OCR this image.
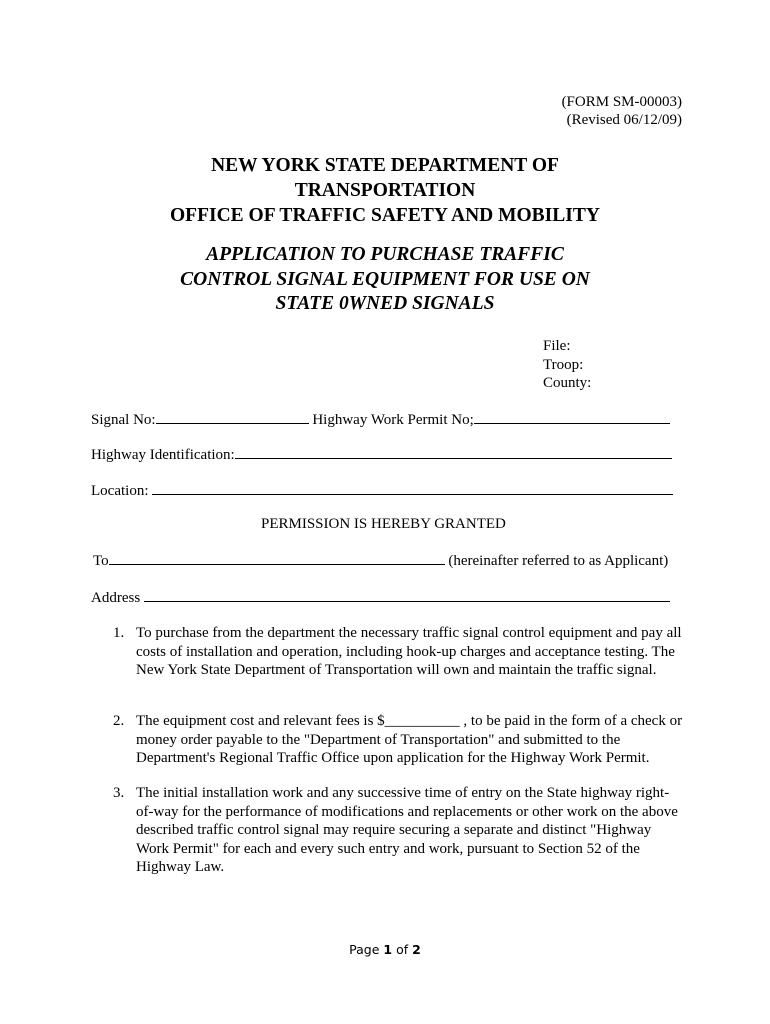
(FORM SM-00003)
(Revised 06/12/09)
NEW YORK STATE DEPARTMENT OF
TRANSPORTATION
OFFICE OF TRAFFIC SAFETY AND MOBILITY
APPLICATION TO PURCHASE TRAFFIC
CONTROL SIGNAL EQUIPMENT FOR USE ON
STATE 0WNED SIGNALS
File:
Troop:
County:
Signal No:	Highway Work Permit No;
Highway Identification:
Location:
PERMISSION IS HEREBY GRANTED
To	(hereinafter referred to as Applicant)
Address
1. To purchase from the department the necessary traffic signal control equipment and pay all costs of installation and operation, including hook-up charges and acceptance testing. The New York State Department of Transportation will own and maintain the traffic signal.
2. The equipment cost and relevant fees is $__________ , to be paid in the form of a check or money order payable to the "Department of Transportation" and submitted to the Department's Regional Traffic Office upon application for the Highway Work Permit.
3. The initial installation work and any successive time of entry on the State highway right-of-way for the performance of modifications and replacements or other work on the above described traffic control signal may require securing a separate and distinct "Highway Work Permit" for each and every such entry and work, pursuant to Section 52 of the Highway Law.
Page 1 of 2
